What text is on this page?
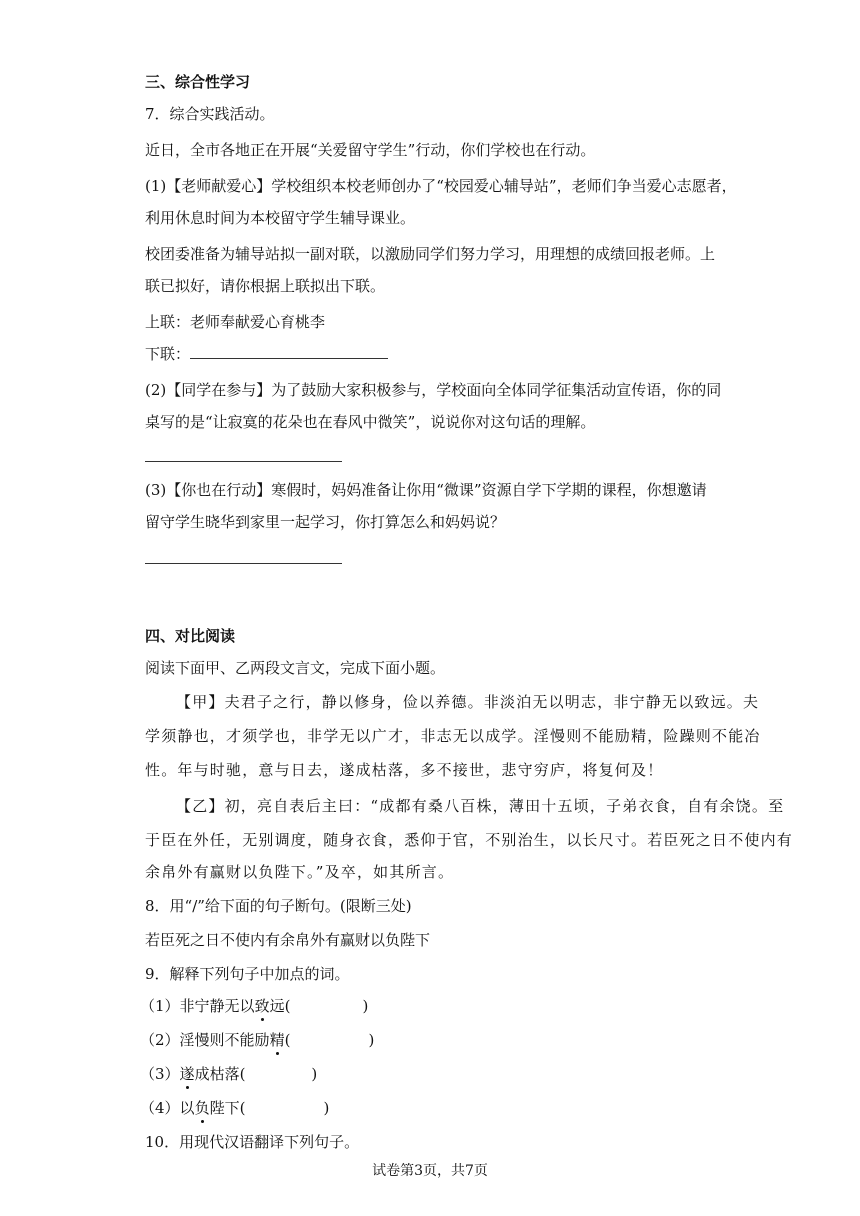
三、综合性学习
7．综合实践活动。
近日，全市各地正在开展“关爱留守学生”行动，你们学校也在行动。
(1)【老师献爱心】学校组织本校老师创办了“校园爱心辅导站”，老师们争当爱心志愿者，
利用休息时间为本校留守学生辅导课业。
校团委准备为辅导站拟一副对联，以激励同学们努力学习，用理想的成绩回报老师。上
联已拟好，请你根据上联拟出下联。
上联：老师奉献爱心育桃李
下联：
(2)【同学在参与】为了鼓励大家积极参与，学校面向全体同学征集活动宣传语，你的同
桌写的是“让寂寞的花朵也在春风中微笑”，说说你对这句话的理解。
(3)【你也在行动】寒假时，妈妈准备让你用“微课”资源自学下学期的课程，你想邀请
留守学生晓华到家里一起学习，你打算怎么和妈妈说？
四、对比阅读
阅读下面甲、乙两段文言文，完成下面小题。
【甲】夫君子之行，静以修身，俭以养德。非淡泊无以明志，非宁静无以致远。夫
学须静也，才须学也，非学无以广才，非志无以成学。淫慢则不能励精，险躁则不能冶
性。年与时驰，意与日去，遂成枯落，多不接世，悲守穷庐，将复何及！
【乙】初，亮自表后主曰：“成都有桑八百株，薄田十五顷，子弟衣食，自有余饶。至
于臣在外任，无别调度，随身衣食，悉仰于官，不别治生，以长尺寸。若臣死之日不使内有
余帛外有赢财以负陛下。”及卒，如其所言。
8．用“/”给下面的句子断句。(限断三处)
若臣死之日不使内有余帛外有赢财以负陛下
9．解释下列句子中加点的词。
（1）非宁静无以致远(	)
（2）淫慢则不能励精(	)
（3）遂成枯落(	)
（4）以负陛下(	)
10．用现代汉语翻译下列句子。
试卷第3页，共7页
